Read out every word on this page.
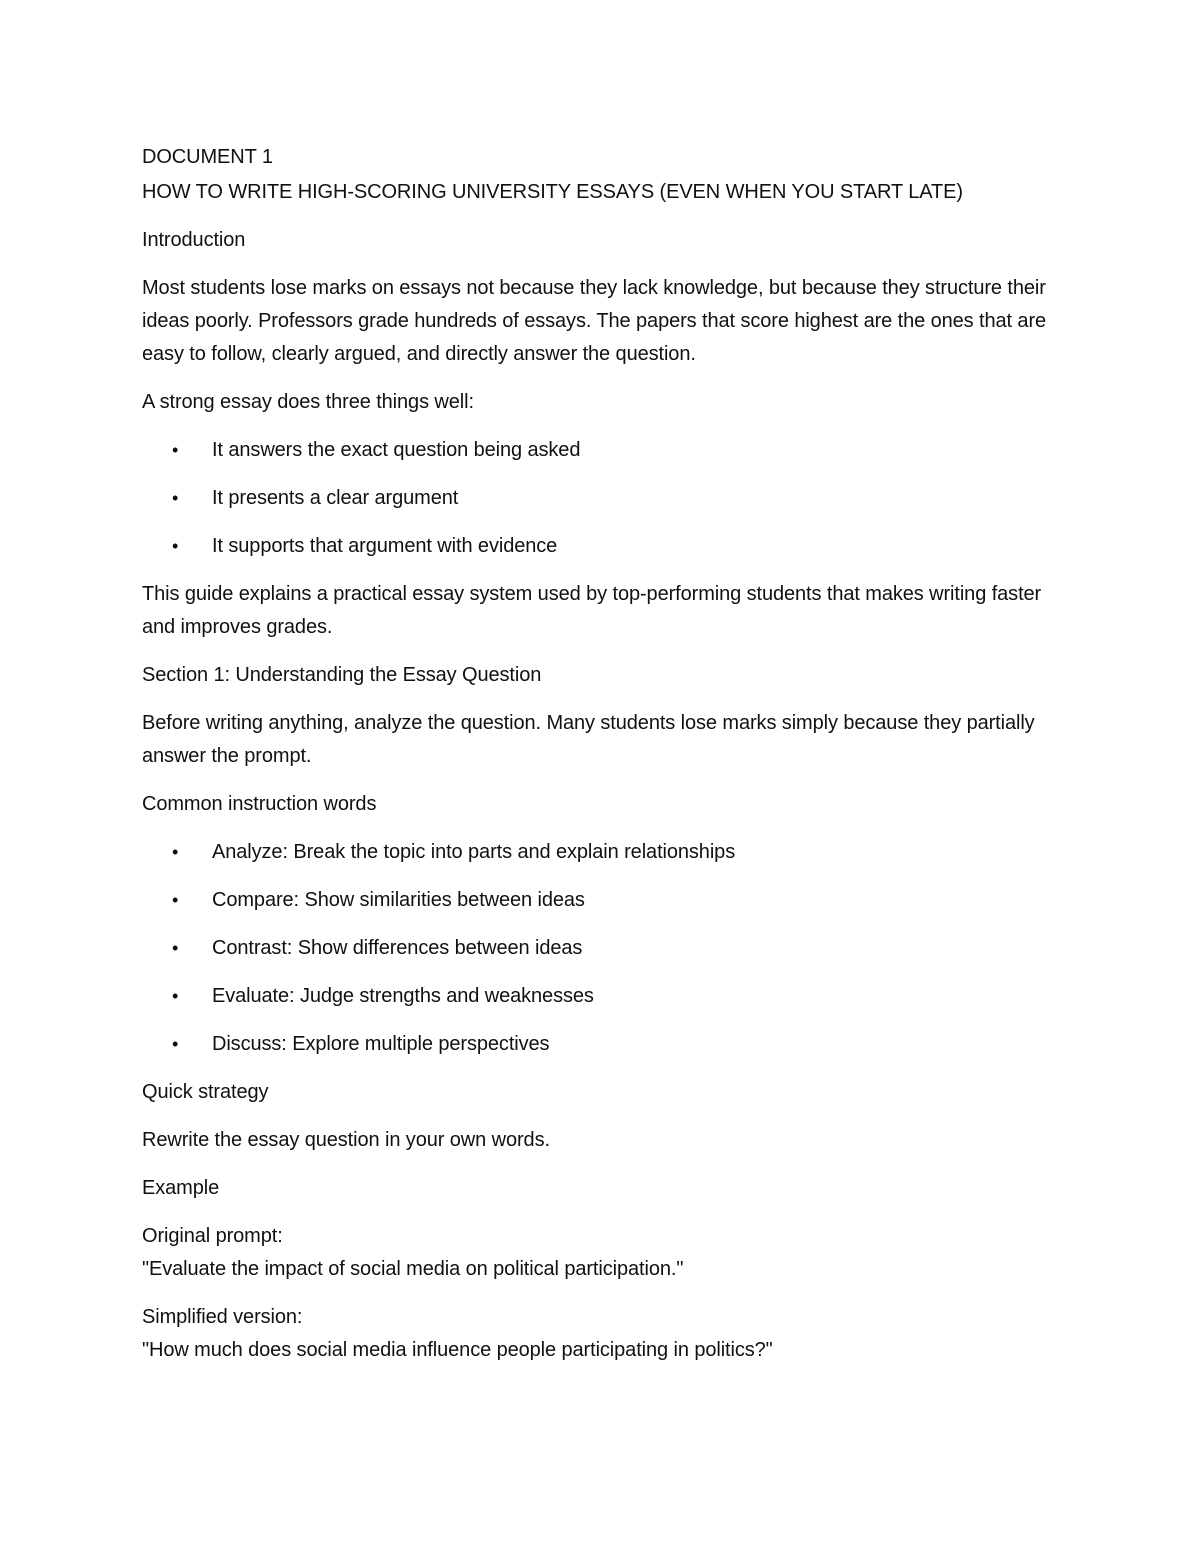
DOCUMENT 1

HOW TO WRITE HIGH-SCORING UNIVERSITY ESSAYS (EVEN WHEN YOU START LATE)

Introduction

Most students lose marks on essays not because they lack knowledge, but because they structure their ideas poorly. Professors grade hundreds of essays. The papers that score highest are the ones that are easy to follow, clearly argued, and directly answer the question.

A strong essay does three things well:

• It answers the exact question being asked
• It presents a clear argument
• It supports that argument with evidence

This guide explains a practical essay system used by top-performing students that makes writing faster and improves grades.

Section 1: Understanding the Essay Question

Before writing anything, analyze the question. Many students lose marks simply because they partially answer the prompt.

Common instruction words

• Analyze: Break the topic into parts and explain relationships
• Compare: Show similarities between ideas
• Contrast: Show differences between ideas
• Evaluate: Judge strengths and weaknesses
• Discuss: Explore multiple perspectives

Quick strategy

Rewrite the essay question in your own words.

Example

Original prompt:

"Evaluate the impact of social media on political participation."

Simplified version:

"How much does social media influence people participating in politics?"
